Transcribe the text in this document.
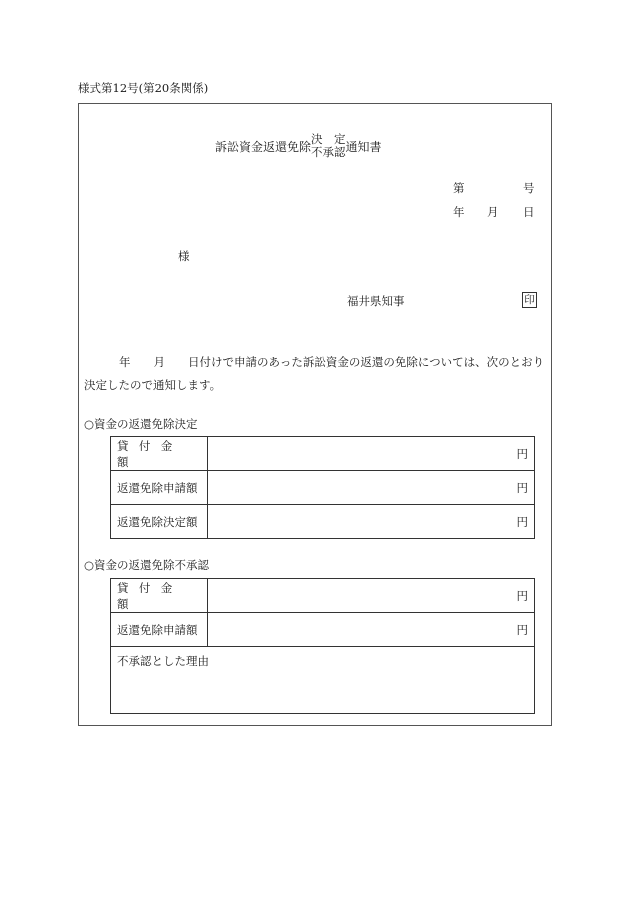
様式第12号(第20条関係)
訴訟資金返還免除
決　定
不承認 通知書
第	号
年 月 日
様
福井県知事	印
年　　月　　日付けで申請のあった訴訟資金の返還の免除については、次のとおり
決定したので通知します。
○資金の返還免除決定
貸付金額	円
返還免除申請額	円
返還免除決定額	円
○資金の返還免除不承認
貸付金額	円
返還免除申請額	円
不承認とした理由	
